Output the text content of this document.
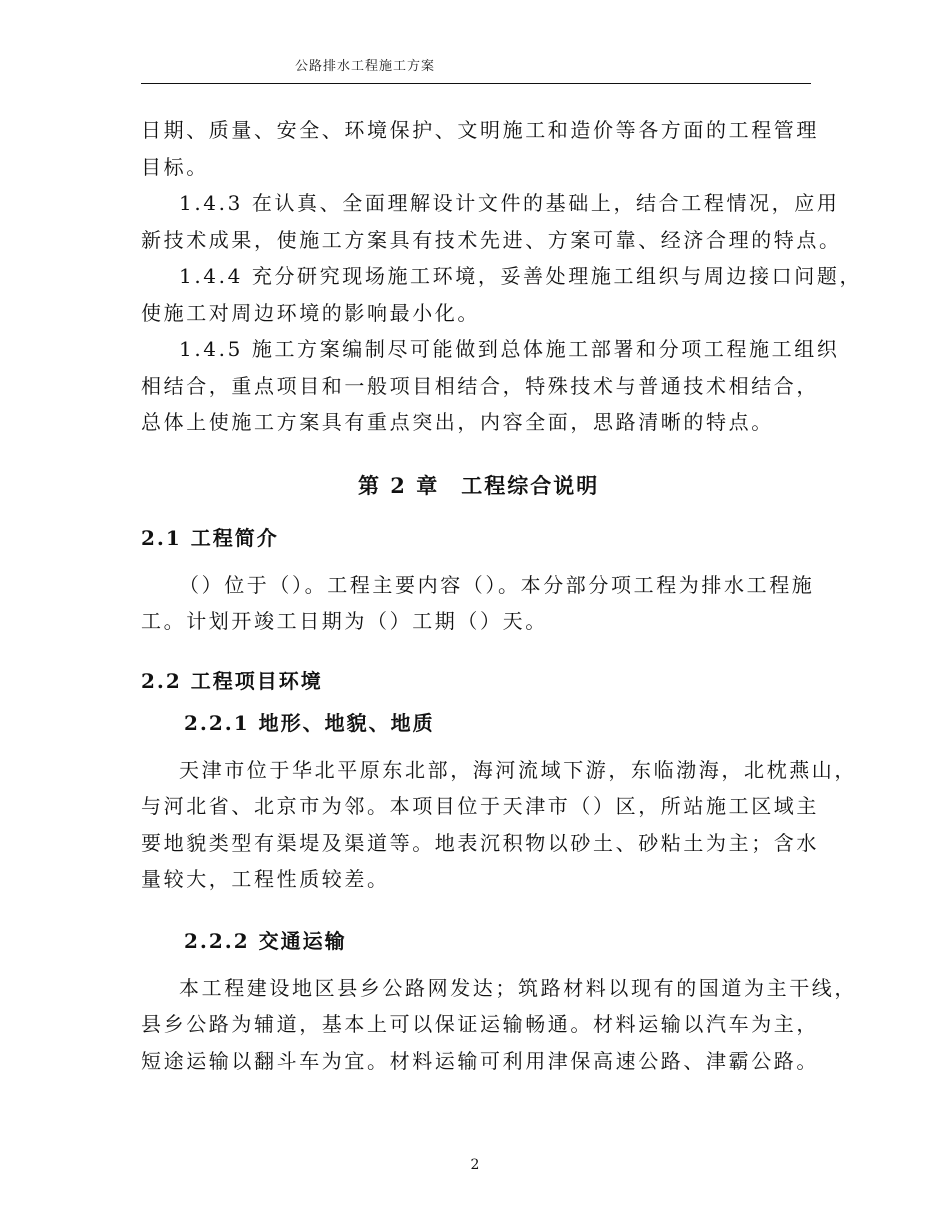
公路排水工程施工方案

日期、质量、安全、环境保护、文明施工和造价等各方面的工程管理
目标。

1.4.3 在认真、全面理解设计文件的基础上，结合工程情况，应用
新技术成果，使施工方案具有技术先进、方案可靠、经济合理的特点。

1.4.4 充分研究现场施工环境，妥善处理施工组织与周边接口问题，
使施工对周边环境的影响最小化。

1.4.5 施工方案编制尽可能做到总体施工部署和分项工程施工组织
相结合，重点项目和一般项目相结合，特殊技术与普通技术相结合，
总体上使施工方案具有重点突出，内容全面，思路清晰的特点。

第 2 章 工程综合说明
2.1 工程简介

（）位于（）。工程主要内容（）。本分部分项工程为排水工程施
工。计划开竣工日期为（）工期（）天。

2.2 工程项目环境
2.2.1 地形、地貌、地质

天津市位于华北平原东北部，海河流域下游，东临渤海，北枕燕山，
与河北省、北京市为邻。本项目位于天津市（）区，所站施工区域主
要地貌类型有渠堤及渠道等。地表沉积物以砂土、砂粘土为主；含水
量较大，工程性质较差。

2.2.2 交通运输

本工程建设地区县乡公路网发达；筑路材料以现有的国道为主干线，
县乡公路为辅道，基本上可以保证运输畅通。材料运输以汽车为主，
短途运输以翻斗车为宜。材料运输可利用津保高速公路、津霸公路。

2
